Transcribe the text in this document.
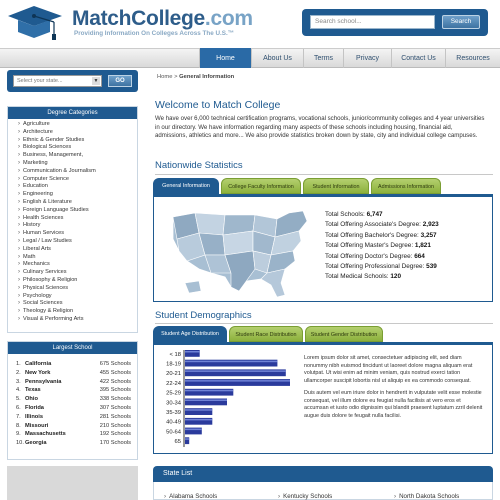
MatchCollege.com
Providing Information On Colleges Across The U.S.™
Search school...	Search
Home	About Us	Terms	Privacy	Contact Us	Resources
Select your state...	▼	GO
Degree Categories
› Agriculture
› Architecture
› Ethnic & Gender Studies
› Biological Sciences
› Business, Management,
› Marketing
› Communication & Journalism
› Computer Science
› Education
› Engineering
› English & Literature
› Foreign Language Studies
› Health Sciences
› History
› Human Services
› Legal / Law Studies
› Liberal Arts
› Math
› Mechanics
› Culinary Services
› Philosophy & Religion
› Physical Sciences
› Psychology
› Social Sciences
› Theology & Religion
› Visual & Performing Arts
Largest School
1. California	675 Schools
2. New York	455 Schools
3. Pennsylvania	422 Schools
4. Texas	395 Schools
5. Ohio	338 Schools
6. Florida	307 Schools
7. Illinois	281 Schools
8. Missouri	210 Schools
9. Massachusetts	192 Schools
10. Georgia	170 Schools
Home > General Information
Welcome to Match College
We have over 6,000 technical certification programs, vocational schools, junior/community colleges and 4 year universities in our directory. We have information regarding many aspects of these schools including housing, financial aid, admissions, athletics and more... We also provide statistics broken down by state, city and individual college campuses.
Nationwide Statistics
General Information	College Faculty Information	Student Information	Admissions Information
Total Schools: 6,747
Total Offering Associate's Degree: 2,923
Total Offering Bachelor's Degree: 3,257
Total Offering Master's Degree: 1,821
Total Offering Doctor's Degree: 664
Total Offering Professional Degree: 539
Total Medical Schools: 120
Student Demographics
Student Age Distribution	Student Race Distribution	Student Gender Distribution
< 18
18-19
20-21
22-24
25-29
30-34
35-39
40-49
50-64
65

Lorem ipsum dolor sit amet, consectetuer adipiscing elit, sed diam nonummy nibh euismod tincidunt ut laoreet dolore magna aliquam erat volutpat. Ut wisi enim ad minim veniam, quis nostrud exerci tation ullamcorper suscipit lobortis nisl ut aliquip ex ea commodo consequat.

Duis autem vel eum iriure dolor in hendrerit in vulputate velit esse molestie consequat, vel illum dolore eu feugiat nulla facilisis at vero eros et accumsan et iusto odio dignissim qui blandit praesent luptatum zzril delenit augue duis dolore te feugait nulla facilisi.

State List
› Alabama Schools	› Kentucky Schools	› North Dakota Schools
